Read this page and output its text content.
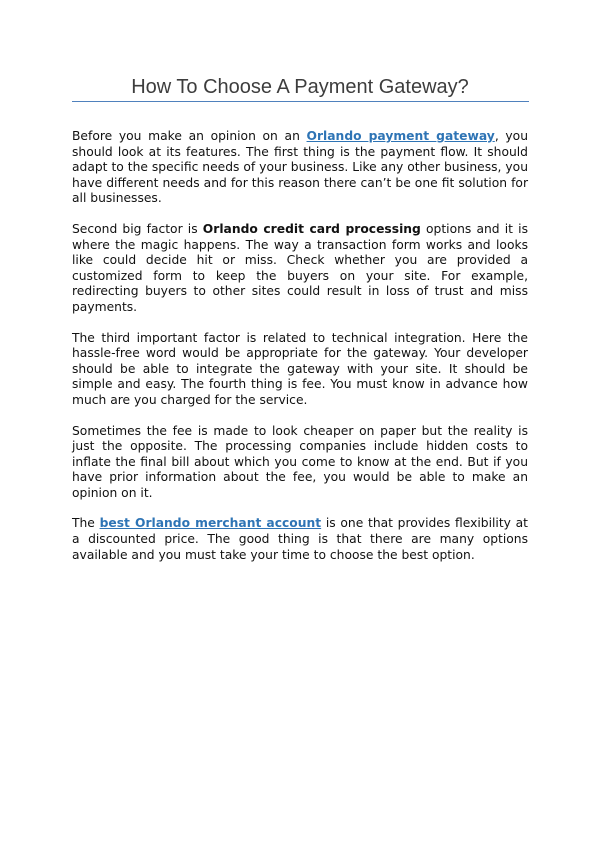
How To Choose A Payment Gateway?

Before you make an opinion on an Orlando payment gateway, you should look at its features. The first thing is the payment flow. It should adapt to the specific needs of your business. Like any other business, you have different needs and for this reason there can’t be one fit solution for all businesses.

Second big factor is Orlando credit card processing options and it is where the magic happens. The way a transaction form works and looks like could decide hit or miss. Check whether you are provided a customized form to keep the buyers on your site. For example, redirecting buyers to other sites could result in loss of trust and miss payments.

The third important factor is related to technical integration. Here the hassle-free word would be appropriate for the gateway. Your developer should be able to integrate the gateway with your site. It should be simple and easy. The fourth thing is fee. You must know in advance how much are you charged for the service.

Sometimes the fee is made to look cheaper on paper but the reality is just the opposite. The processing companies include hidden costs to inflate the final bill about which you come to know at the end. But if you have prior information about the fee, you would be able to make an opinion on it.

The best Orlando merchant account is one that provides flexibility at a discounted price. The good thing is that there are many options available and you must take your time to choose the best option.
